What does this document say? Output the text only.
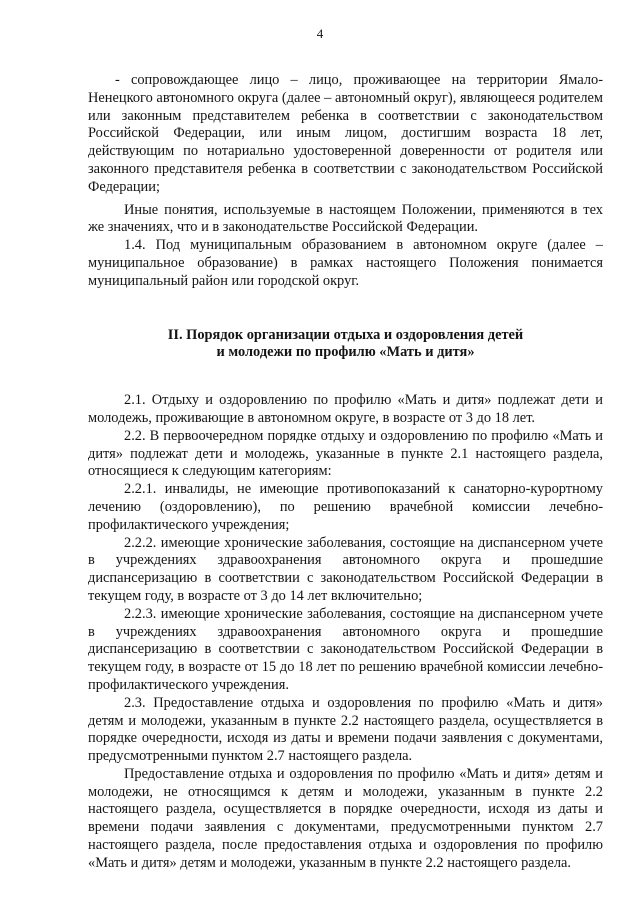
4

- сопровождающее лицо – лицо, проживающее на территории Ямало-Ненецкого автономного округа (далее – автономный округ), являющееся родителем или законным представителем ребенка в соответствии с законодательством Российской Федерации, или иным лицом, достигшим возраста 18 лет, действующим по нотариально удостоверенной доверенности от родителя или законного представителя ребенка в соответствии с законодательством Российской Федерации;

Иные понятия, используемые в настоящем Положении, применяются в тех же значениях, что и в законодательстве Российской Федерации.

1.4. Под муниципальным образованием в автономном округе (далее – муниципальное образование) в рамках настоящего Положения понимается муниципальный район или городской округ.

II. Порядок организации отдыха и оздоровления детей
и молодежи по профилю «Мать и дитя»

2.1. Отдыху и оздоровлению по профилю «Мать и дитя» подлежат дети и молодежь, проживающие в автономном округе, в возрасте от 3 до 18 лет.

2.2. В первоочередном порядке отдыху и оздоровлению по профилю «Мать и дитя» подлежат дети и молодежь, указанные в пункте 2.1 настоящего раздела, относящиеся к следующим категориям:

2.2.1. инвалиды, не имеющие противопоказаний к санаторно-курортному лечению (оздоровлению), по решению врачебной комиссии лечебно-профилактического учреждения;

2.2.2. имеющие хронические заболевания, состоящие на диспансерном учете в учреждениях здравоохранения автономного округа и прошедшие диспансеризацию в соответствии с законодательством Российской Федерации в текущем году, в возрасте от 3 до 14 лет включительно;

2.2.3. имеющие хронические заболевания, состоящие на диспансерном учете в учреждениях здравоохранения автономного округа и прошедшие диспансеризацию в соответствии с законодательством Российской Федерации в текущем году, в возрасте от 15 до 18 лет по решению врачебной комиссии лечебно-профилактического учреждения.

2.3. Предоставление отдыха и оздоровления по профилю «Мать и дитя» детям и молодежи, указанным в пункте 2.2 настоящего раздела, осуществляется в порядке очередности, исходя из даты и времени подачи заявления с документами, предусмотренными пунктом 2.7 настоящего раздела.

Предоставление отдыха и оздоровления по профилю «Мать и дитя» детям и молодежи, не относящимся к детям и молодежи, указанным в пункте 2.2 настоящего раздела, осуществляется в порядке очередности, исходя из даты и времени подачи заявления с документами, предусмотренными пунктом 2.7 настоящего раздела, после предоставления отдыха и оздоровления по профилю «Мать и дитя» детям и молодежи, указанным в пункте 2.2 настоящего раздела.
